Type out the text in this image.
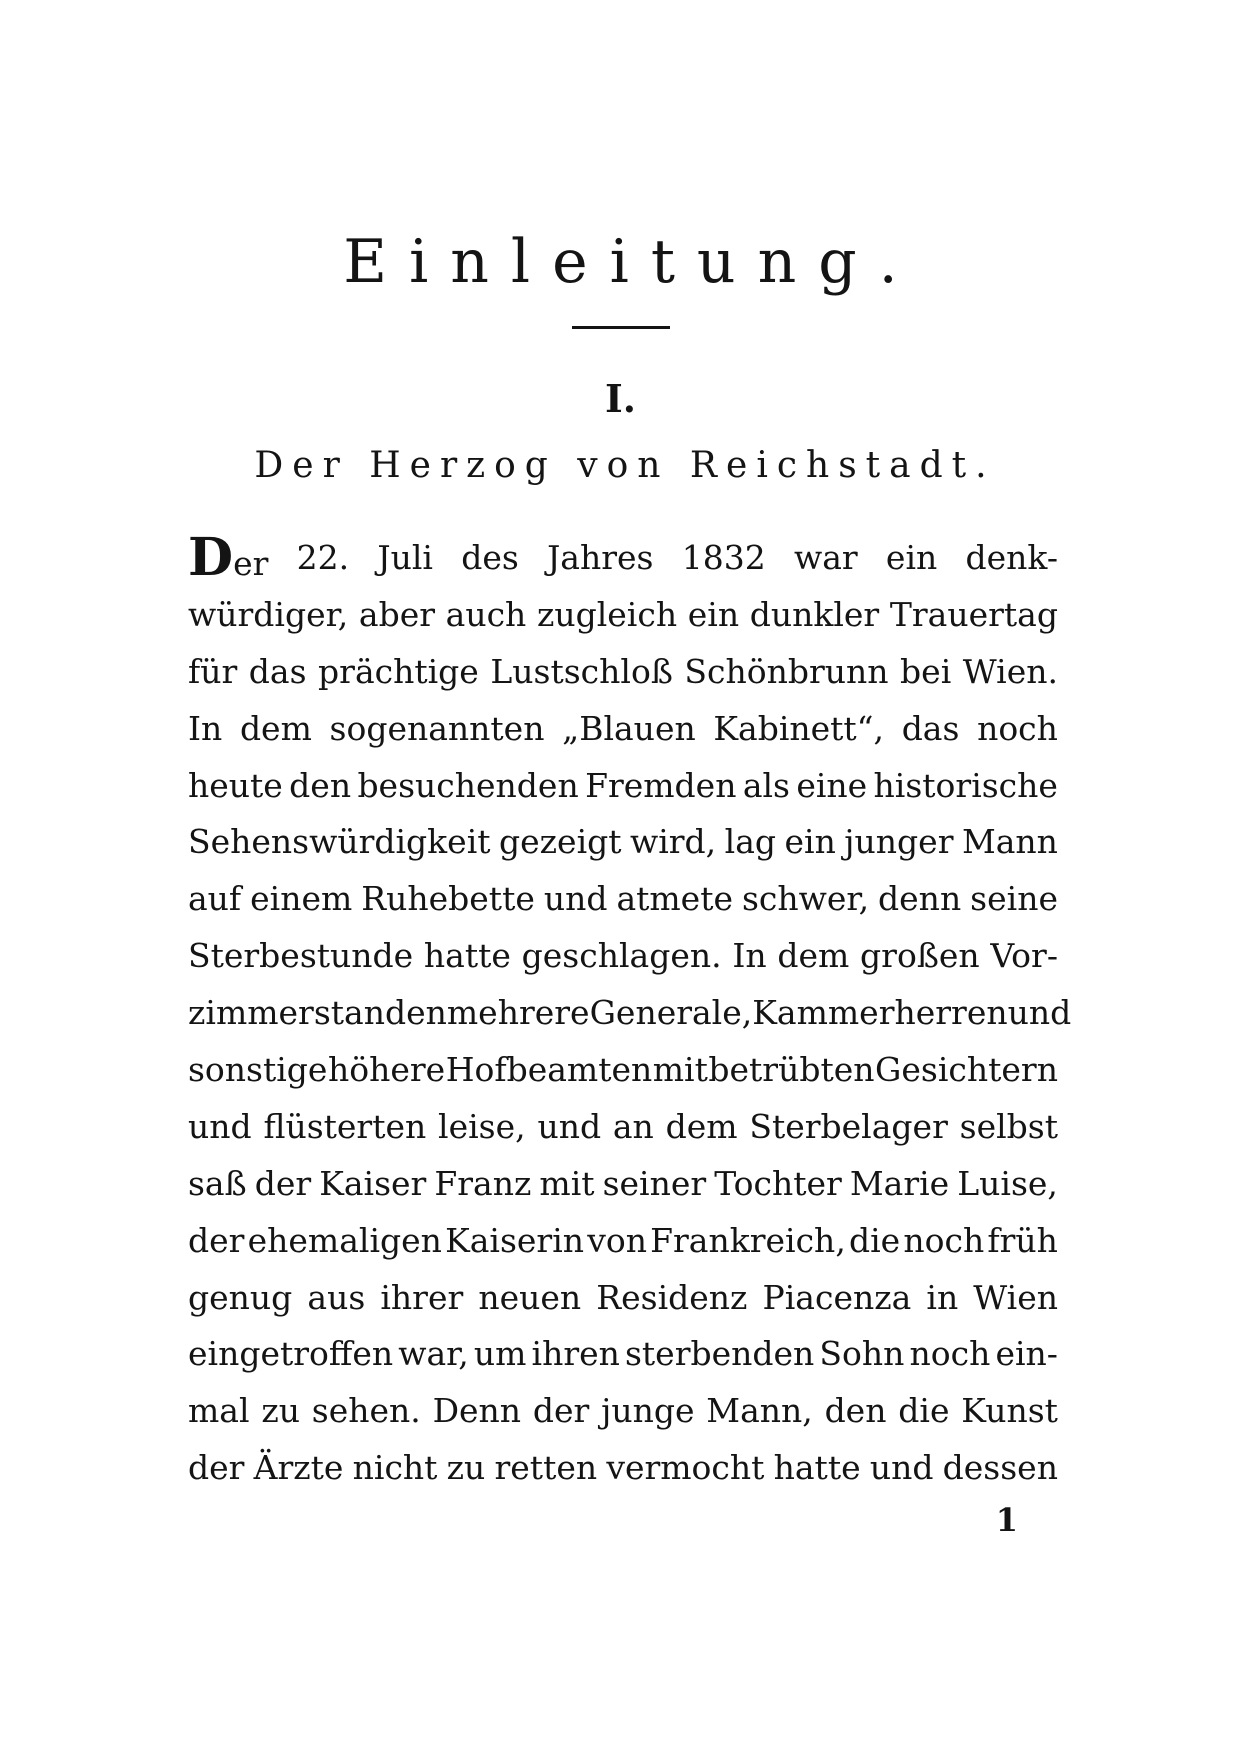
Einleitung.
I.
Der Herzog von Reichstadt.
Der 22. Juli des Jahres 1832 war ein denk-
würdiger, aber auch zugleich ein dunkler Trauertag
für das prächtige Lustschloß Schönbrunn bei Wien.
In dem sogenannten „Blauen Kabinett“, das noch
heute den besuchenden Fremden als eine historische
Sehenswürdigkeit gezeigt wird, lag ein junger Mann
auf einem Ruhebette und atmete schwer, denn seine
Sterbestunde hatte geschlagen. In dem großen Vor-
zimmer standen mehrere Generale, Kammerherren und
sonstige höhere Hofbeamten mit betrübten Gesichtern
und flüsterten leise, und an dem Sterbelager selbst
saß der Kaiser Franz mit seiner Tochter Marie Luise,
der ehemaligen Kaiserin von Frankreich, die noch früh
genug aus ihrer neuen Residenz Piacenza in Wien
eingetroffen war, um ihren sterbenden Sohn noch ein-
mal zu sehen. Denn der junge Mann, den die Kunst
der Ärzte nicht zu retten vermocht hatte und dessen

1
